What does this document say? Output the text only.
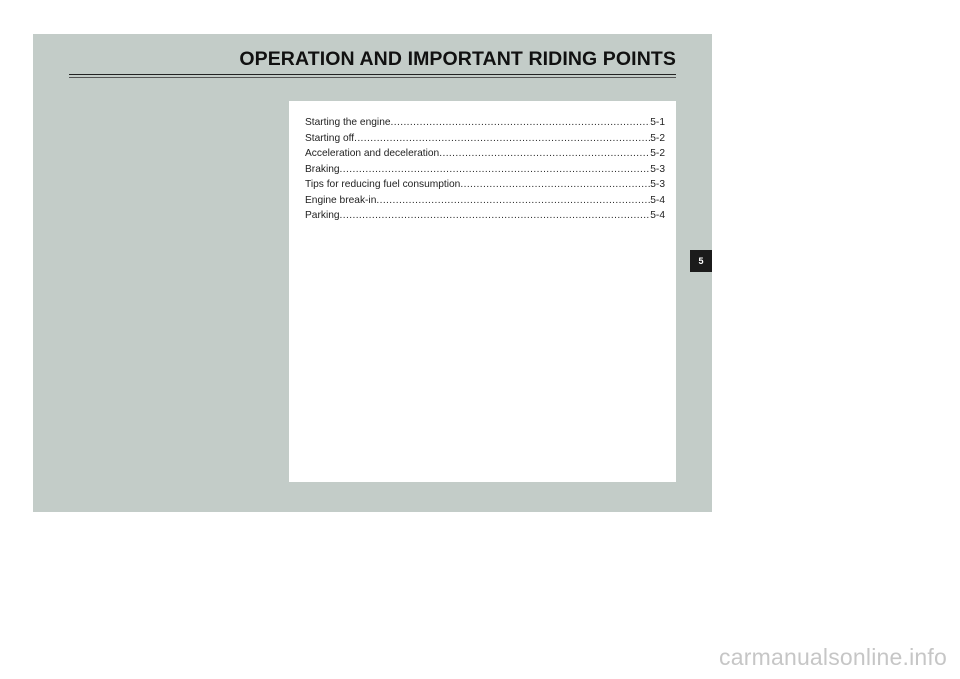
OPERATION AND IMPORTANT RIDING POINTS
Starting the engine .....	5-1
Starting off .....	5-2
Acceleration and deceleration .....	5-2
Braking .....	5-3
Tips for reducing fuel consumption .....	5-3
Engine break-in .....	5-4
Parking .....	5-4
5
carmanualsonline.info
